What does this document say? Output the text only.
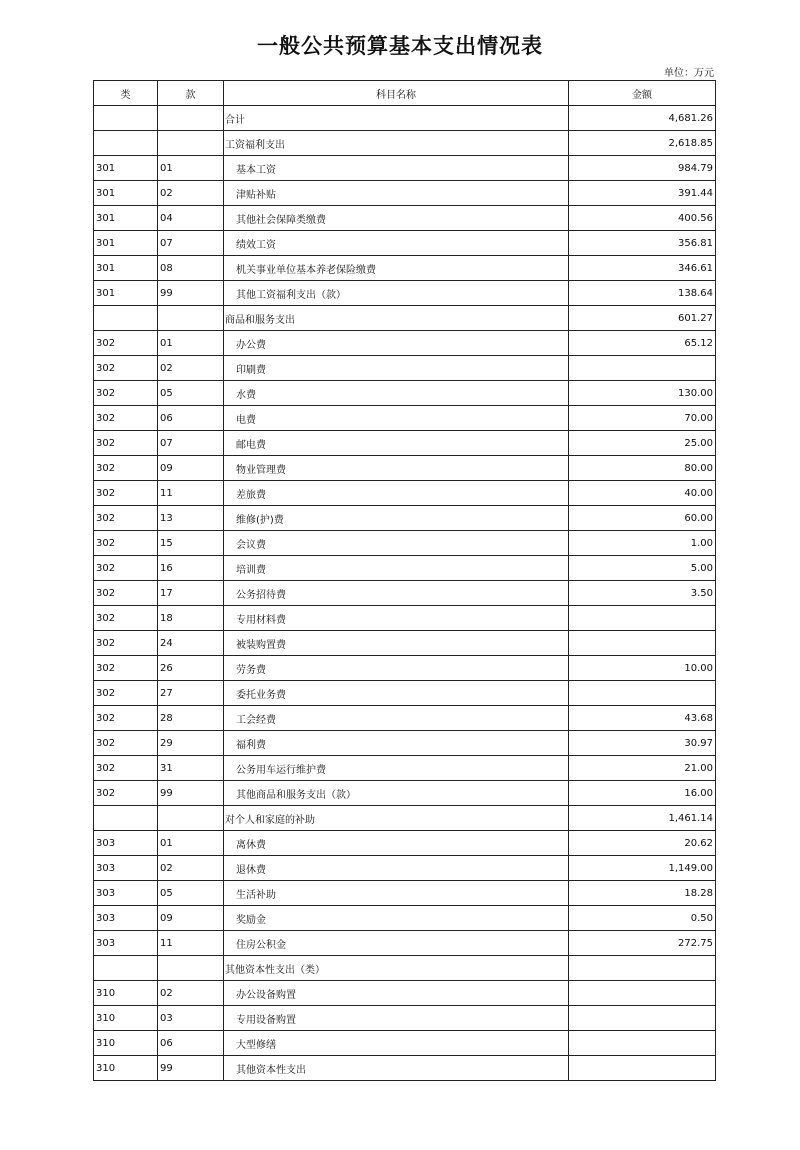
一般公共预算基本支出情况表
单位：万元
类	款	科目名称	金额
		合计	4,681.26
		工资福利支出	2,618.85
301	01	基本工资	984.79
301	02	津贴补贴	391.44
301	04	其他社会保障类缴费	400.56
301	07	绩效工资	356.81
301	08	机关事业单位基本养老保险缴费	346.61
301	99	其他工资福利支出（款）	138.64
		商品和服务支出	601.27
302	01	办公费	65.12
302	02	印刷费	
302	05	水费	130.00
302	06	电费	70.00
302	07	邮电费	25.00
302	09	物业管理费	80.00
302	11	差旅费	40.00
302	13	维修(护)费	60.00
302	15	会议费	1.00
302	16	培训费	5.00
302	17	公务招待费	3.50
302	18	专用材料费	
302	24	被装购置费	
302	26	劳务费	10.00
302	27	委托业务费	
302	28	工会经费	43.68
302	29	福利费	30.97
302	31	公务用车运行维护费	21.00
302	99	其他商品和服务支出（款）	16.00
		对个人和家庭的补助	1,461.14
303	01	离休费	20.62
303	02	退休费	1,149.00
303	05	生活补助	18.28
303	09	奖励金	0.50
303	11	住房公积金	272.75
		其他资本性支出（类）	
310	02	办公设备购置	
310	03	专用设备购置	
310	06	大型修缮	
310	99	其他资本性支出	
